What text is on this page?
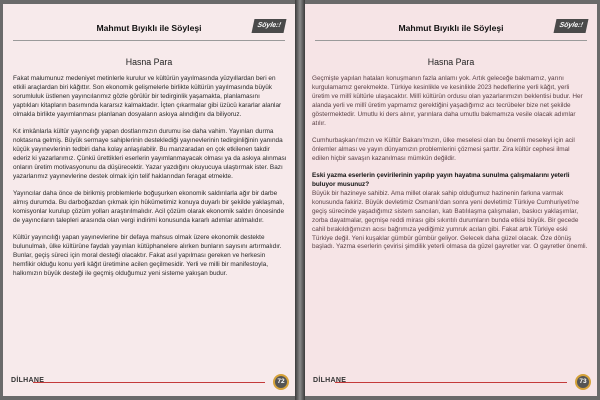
Mahmut Bıyıklı ile Söyleşi	Söyle:!
Hasna Para

Fakat malumunuz medeniyet metinlerle kurulur ve kültürün yayılmasında yüzyıllardan beri en etkili araçlardan biri kâğıttır. Son ekonomik gelişmelerle birlikte kültürün yayılmasında büyük sorumluluk üstlenen yayıncılarımız gözle görülür bir tedirginlik yaşamakta, planlamasını yaptıkları kitapların basımında kararsız kalmaktadır. İçten çıkarmalar gibi üzücü kararlar alanlar olmakla birlikte yayımlanması planlanan dosyaların askıya alındığını da biliyoruz.

Kıt imkânlarla kültür yayıncılığı yapan dostlarımızın durumu ise daha vahim. Yayınları durma noktasına gelmiş. Büyük sermaye sahiplerinin desteklediği yayınevlerinin tedirginliğinin yanında küçük yayınevlerinin tedbiri daha kolay anlaşılabilir. Bu manzaradan en çok etkilenen takdir ederiz ki yazarlarımız. Çünkü ürettikleri eserlerin yayımlanmayacak olması ya da askıya alınması onların üretim motivasyonunu da düşürecektir. Yazar yazdığını okuyucuya ulaştırmak ister. Bazı yazarlarımız yayınevlerine destek olmak için telif haklarından feragat etmekte.

Yayıncılar daha önce de birikmiş problemlerle boğuşurken ekonomik saldırılarla ağır bir darbe almış durumda. Bu darboğazdan çıkmak için hükümetimiz konuya duyarlı bir şekilde yaklaşmalı, komisyonlar kurulup çözüm yolları araştırılmalıdır. Acil çözüm olarak ekonomik saldırı öncesinde de yayıncıların talepleri arasında olan vergi indirimi konusunda kararlı adımlar atılmalıdır.

Kültür yayıncılığı yapan yayınevlerine bir defaya mahsus olmak üzere ekonomik destekte bulunulmalı, ülke kültürüne faydalı yayınları kütüphanelere alırken bunların sayısını artırmalıdır. Bunlar, geçiş süreci için moral desteği olacaktır. Fakat asıl yapılması gereken ve herkesin hemfikir olduğu konu yerli kâğıt üretimine acilen geçilmesidir. Yerli ve milli bir manifestoyla, halkımızın büyük desteği ile geçmiş olduğumuz yeni sisteme yakışan budur.

DİLHANE	72
Mahmut Bıyıklı ile Söyleşi	Söyle:!
Hasna Para

Geçmişte yapılan hataları konuşmanın fazla anlamı yok. Artık geleceğe bakmamız, yarını kurgulamamız gerekmekte. Türkiye kesinlikle ve kesinlikle 2023 hedeflerine yerli kâğıt, yerli üretim ve millî kültürle ulaşacaktır. Millî kültürün ordusu olan yazarlarımızın beklentisi budur. Her alanda yerli ve millî üretim yapmamız gerektiğini yaşadığımız acı tecrübeler bize net şekilde göstermektedir. Umutlu ki ders alınır, yarınlara daha umutlu bakmamıza vesile olacak adımlar atılır.

Cumhurbaşkanı'mızın ve Kültür Bakanı'mızın, ülke meselesi olan bu önemli meseleyi için acil önlemler alması ve yayın dünyamızın problemlerini çözmesi şarttır. Zira kültür cephesi ilmal edilen hiçbir savaşın kazanılması mümkün değildir.

Eski yazma eserlerin çevirilerinin yapılıp yayın hayatına sunulma çalışmalarını yeterli buluyor musunuz?

Büyük bir hazineye sahibiz. Ama millet olarak sahip olduğumuz hazinenin farkına varmak konusunda fakiriz. Büyük devletimiz Osmanlı'dan sonra yeni devletimiz Türkiye Cumhuriyeti'ne geçiş sürecinde yaşadığımız sistem sancıları, katı Batılılaşma çalışmaları, baskıcı yaklaşımlar, zorba dayatmalar, geçmişe reddi mirası gibi sıkıntılı durumların bunda etkisi büyük. Bir gecede cahil bırakıldığımızın acısı bağrımıza yediğimiz yumruk acıları gibi. Fakat artık Türkiye eski Türkiye değil. Yeni kuşaklar gümbür gümbür geliyor. Gelecek daha güzel olacak. Öze dönüş başladı. Yazma eserlerin çevirisi şimdilik yeterli olmasa da güzel gayretler var. O gayretler önemli.

DİLHANE	73
